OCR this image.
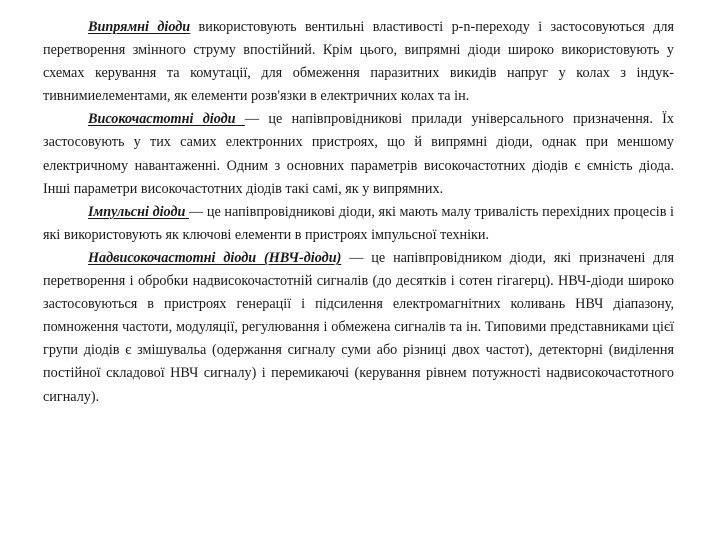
Випрямні діоди використовують вентильні властивості p-n-переходу і застосовуються для перетворення змінного струму впостійний. Крім цього, випрямні діоди широко використовують у схемах керування та комутації, для обмеження паразитних викидів напруг у колах з індук-тивнимиелементами, як елементи розв'язки в електричних колах та ін.

Високочастотні діоди — це напівпровідникові прилади універсального призначення. Їх застосовують у тих самих електронних пристроях, що й випрямні діоди, однак при меншому електричному навантаженні. Одним з основних параметрів високочастотних діодів є ємність діода. Інші параметри високочастотних діодів такі самі, як у випрямних.

Імпульсні діоди — це напівпровідникові діоди, які мають малу тривалість перехідних процесів і які використовують як ключові елементи в пристроях імпульсної техніки.

Надвисокочастотні діоди (НВЧ-діоди) — це напівпровідником діоди, які призначені для перетворення і обробки надвисокочастотній сигналів (до десятків і сотен гігагерц). НВЧ-діоди широко застосовуються в пристроях генерації і підсилення електромагнітних коливань НВЧ діапазону, помноження частоти, модуляції, регулювання і обмежена сигналів та ін. Типовими представниками цієї групи діодів є змішувальа (одержання сигналу суми або різниці двох частот), детекторні (виділення постійної складової НВЧ сигналу) і перемикаючі (керування рівнем потужності надвисокочастотного сигналу).
